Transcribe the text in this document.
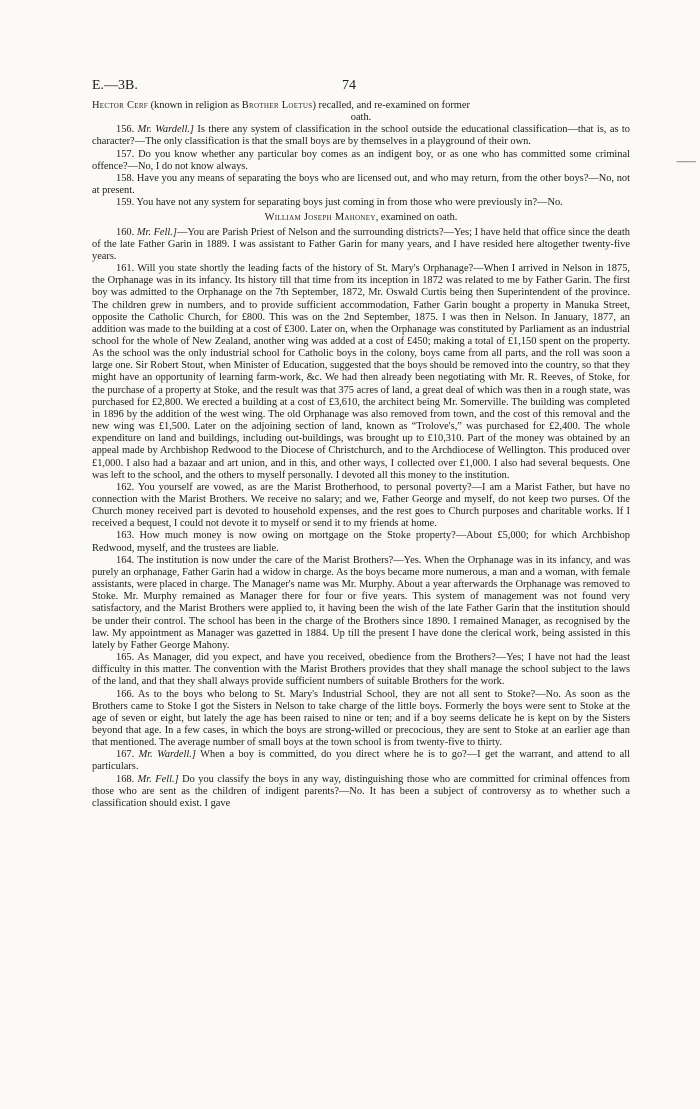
E.—3B.	74

Hector Cerf (known in religion as Brother Loetus) recalled, and re-examined on former

oath.

156. Mr. Wardell.] Is there any system of classification in the school outside the educational classification—that is, as to character?—The only classification is that the small boys are by themselves in a playground of their own.

157. Do you know whether any particular boy comes as an indigent boy, or as one who has committed some criminal offence?—No, I do not know always.

158. Have you any means of separating the boys who are licensed out, and who may return, from the other boys?—No, not at present.

159. You have not any system for separating boys just coming in from those who were previously in?—No.

William Joseph Mahoney, examined on oath.

160. Mr. Fell.]—You are Parish Priest of Nelson and the surrounding districts?—Yes; I have held that office since the death of the late Father Garin in 1889. I was assistant to Father Garin for many years, and I have resided here altogether twenty-five years.

161. Will you state shortly the leading facts of the history of St. Mary's Orphanage?—When I arrived in Nelson in 1875, the Orphanage was in its infancy. Its history till that time from its inception in 1872 was related to me by Father Garin. The first boy was admitted to the Orphanage on the 7th September, 1872, Mr. Oswald Curtis being then Superintendent of the province. The children grew in numbers, and to provide sufficient accommodation, Father Garin bought a property in Manuka Street, opposite the Catholic Church, for £800. This was on the 2nd September, 1875. I was then in Nelson. In January, 1877, an addition was made to the building at a cost of £300. Later on, when the Orphanage was constituted by Parliament as an industrial school for the whole of New Zealand, another wing was added at a cost of £450; making a total of £1,150 spent on the property. As the school was the only industrial school for Catholic boys in the colony, boys came from all parts, and the roll was soon a large one. Sir Robert Stout, when Minister of Education, suggested that the boys should be removed into the country, so that they might have an opportunity of learning farm-work, &c. We had then already been negotiating with Mr. R. Reeves, of Stoke, for the purchase of a property at Stoke, and the result was that 375 acres of land, a great deal of which was then in a rough state, was purchased for £2,800. We erected a building at a cost of £3,610, the architect being Mr. Somerville. The building was completed in 1896 by the addition of the west wing. The old Orphanage was also removed from town, and the cost of this removal and the new wing was £1,500. Later on the adjoining section of land, known as “Trolove's,” was purchased for £2,400. The whole expenditure on land and buildings, including out-buildings, was brought up to £10,310. Part of the money was obtained by an appeal made by Archbishop Redwood to the Diocese of Christchurch, and to the Archdiocese of Wellington. This produced over £1,000. I also had a bazaar and art union, and in this, and other ways, I collected over £1,000. I also had several bequests. One was left to the school, and the others to myself personally. I devoted all this money to the institution.

162. You yourself are vowed, as are the Marist Brotherhood, to personal poverty?—I am a Marist Father, but have no connection with the Marist Brothers. We receive no salary; and we, Father George and myself, do not keep two purses. Of the Church money received part is devoted to household expenses, and the rest goes to Church purposes and charitable works. If I received a bequest, I could not devote it to myself or send it to my friends at home.

163. How much money is now owing on mortgage on the Stoke property?—About £5,000; for which Archbishop Redwood, myself, and the trustees are liable.

164. The institution is now under the care of the Marist Brothers?—Yes. When the Orphanage was in its infancy, and was purely an orphanage, Father Garin had a widow in charge. As the boys became more numerous, a man and a woman, with female assistants, were placed in charge. The Manager's name was Mr. Murphy. About a year afterwards the Orphanage was removed to Stoke. Mr. Murphy remained as Manager there for four or five years. This system of management was not found very satisfactory, and the Marist Brothers were applied to, it having been the wish of the late Father Garin that the institution should be under their control. The school has been in the charge of the Brothers since 1890. I remained Manager, as recognised by the law. My appointment as Manager was gazetted in 1884. Up till the present I have done the clerical work, being assisted in this lately by Father George Mahony.

165. As Manager, did you expect, and have you received, obedience from the Brothers?—Yes; I have not had the least difficulty in this matter. The convention with the Marist Brothers provides that they shall manage the school subject to the laws of the land, and that they shall always provide sufficient numbers of suitable Brothers for the work.

166. As to the boys who belong to St. Mary's Industrial School, they are not all sent to Stoke?—No. As soon as the Brothers came to Stoke I got the Sisters in Nelson to take charge of the little boys. Formerly the boys were sent to Stoke at the age of seven or eight, but lately the age has been raised to nine or ten; and if a boy seems delicate he is kept on by the Sisters beyond that age. In a few cases, in which the boys are strong-willed or precocious, they are sent to Stoke at an earlier age than that mentioned. The average number of small boys at the town school is from twenty-five to thirty.

167. Mr. Wardell.] When a boy is committed, do you direct where he is to go?—I get the warrant, and attend to all particulars.

168. Mr. Fell.] Do you classify the boys in any way, distinguishing those who are committed for criminal offences from those who are sent as the children of indigent parents?—No. It has been a subject of controversy as to whether such a classification should exist. I gave

⸺
